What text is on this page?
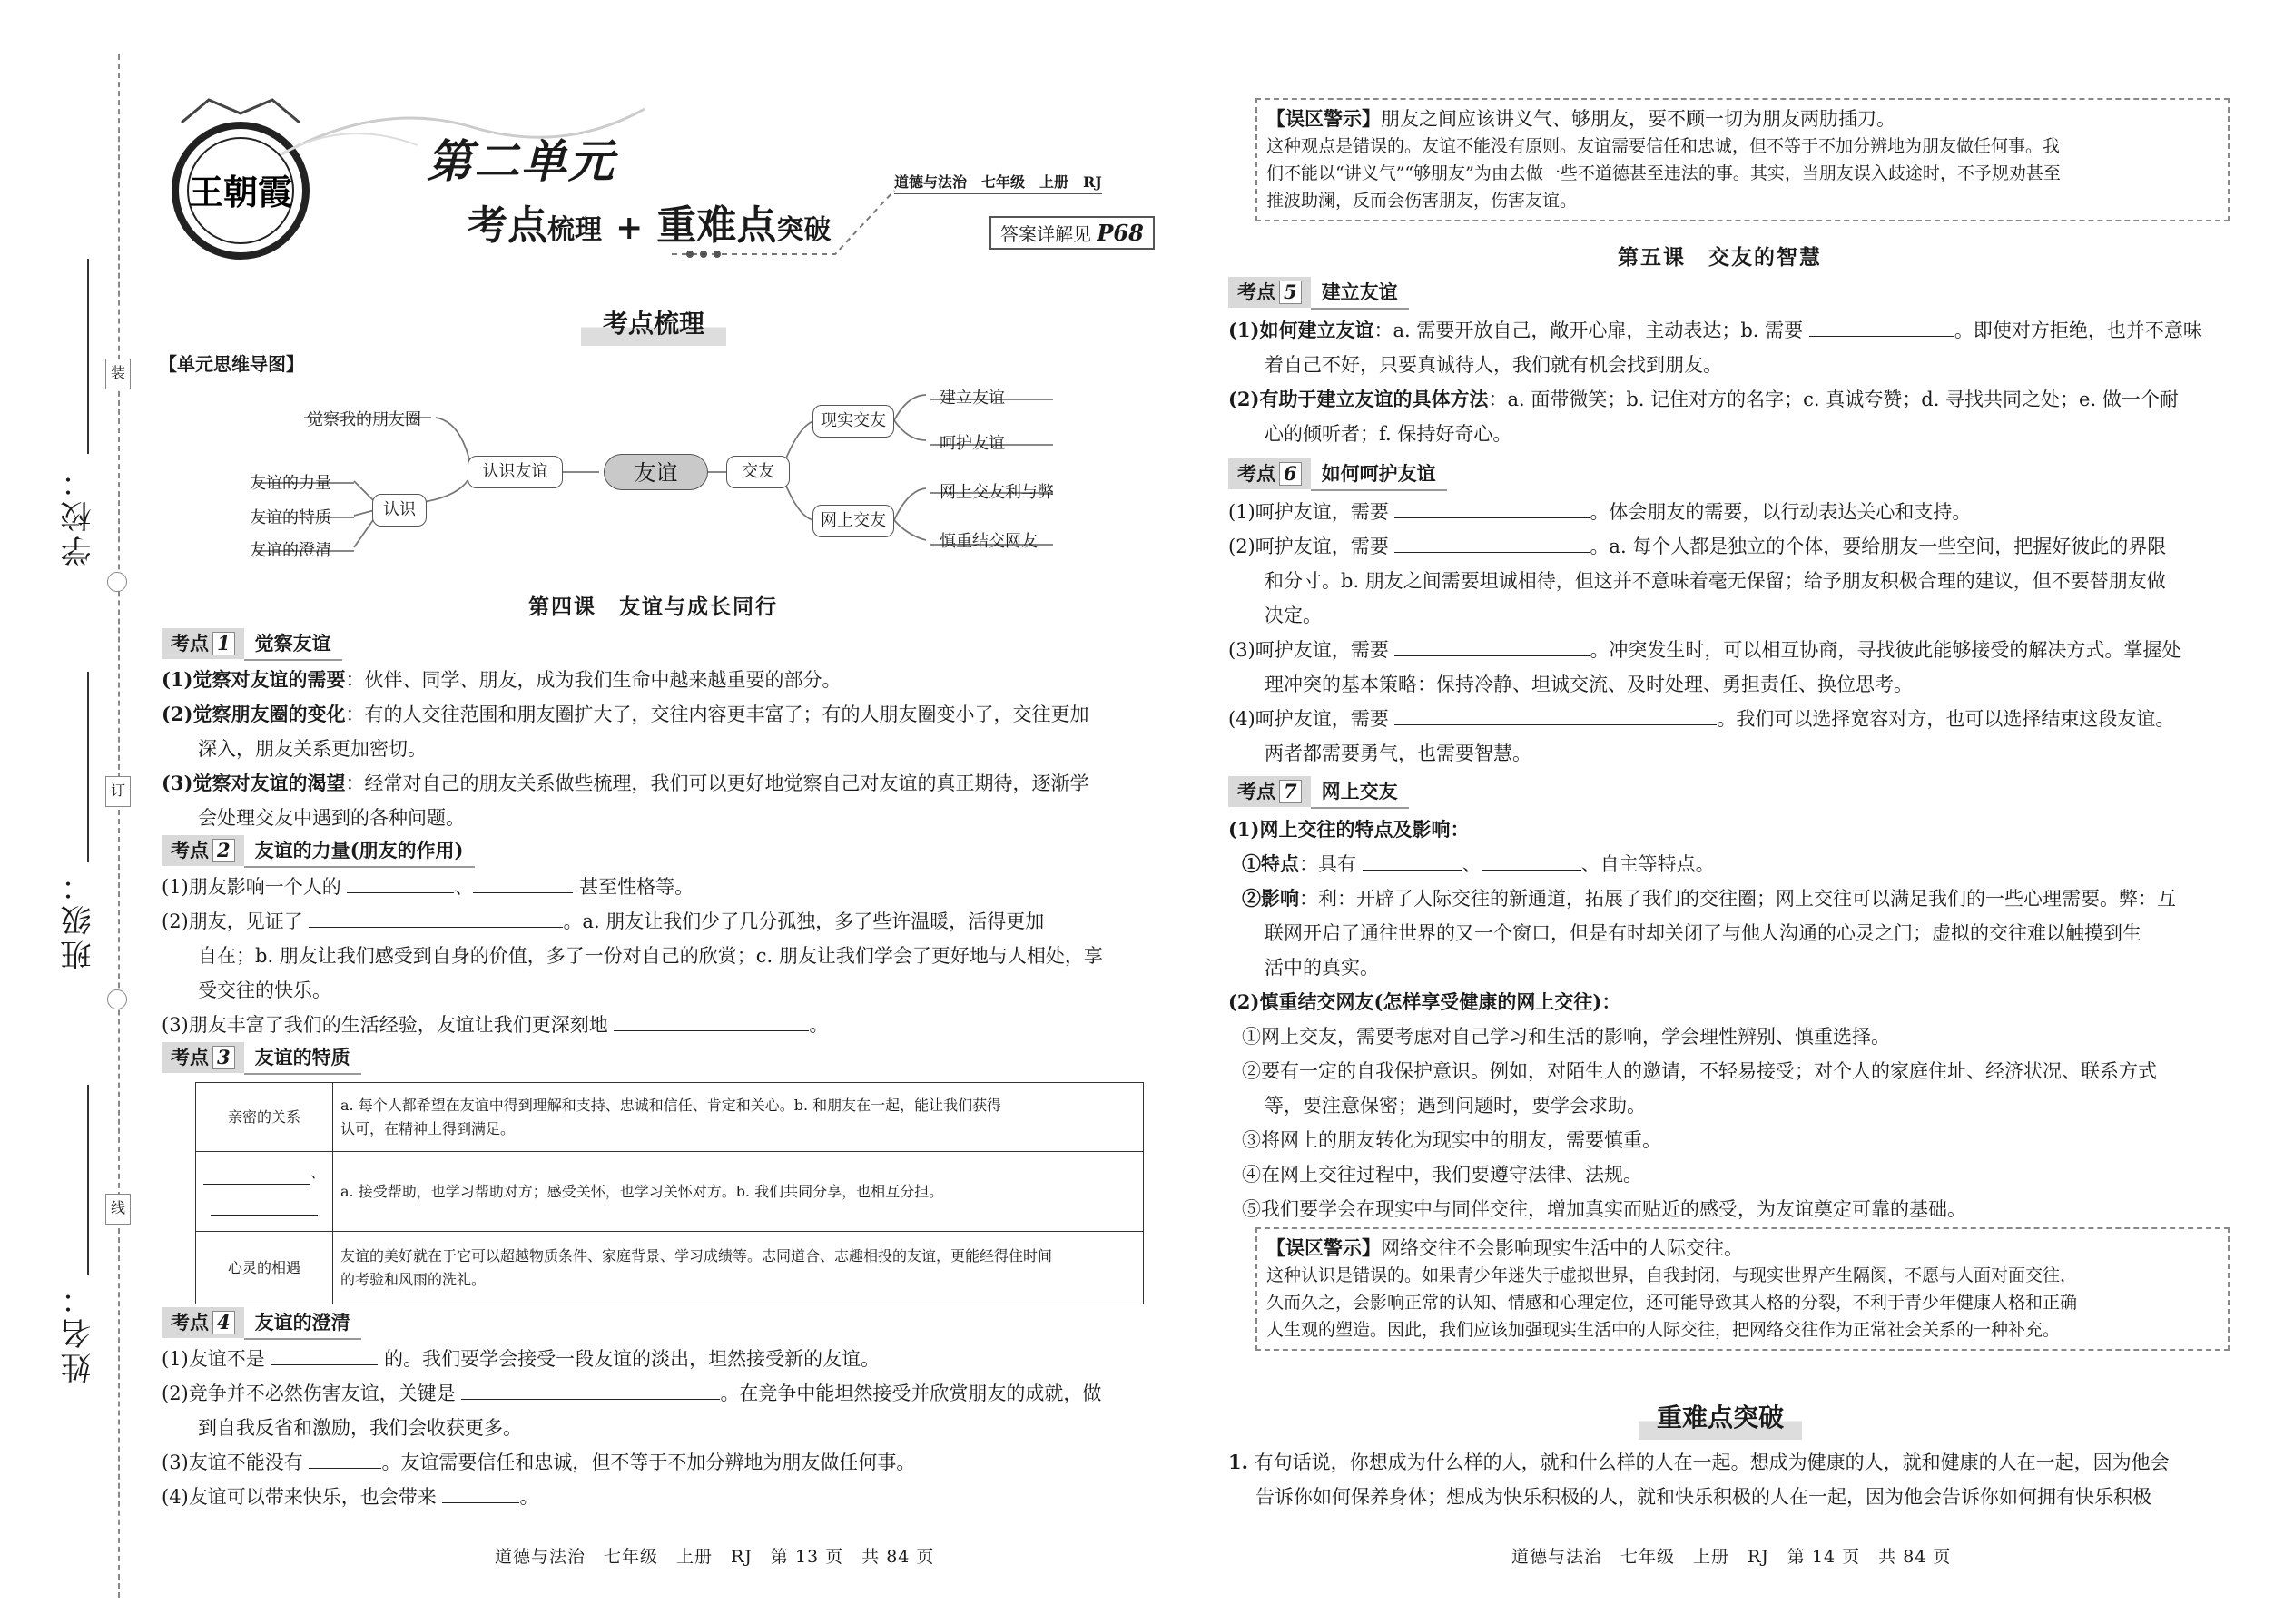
学校：
班级：
姓名：
装
订
线
王朝霞
第二单元
考点梳理 + 重难点突破
道德与法治　七年级　上册　RJ
答案详解见 P68
考点梳理
【单元思维导图】
友谊
认识友谊	交友
认识
现实交友
网上交友
觉察我的朋友圈
友谊的力量
友谊的特质
友谊的澄清
建立友谊
呵护友谊
网上交友利与弊
慎重结交网友
第四课　友谊与成长同行
考点 1 觉察友谊
(1)觉察对友谊的需要：伙伴、同学、朋友，成为我们生命中越来越重要的部分。
(2)觉察朋友圈的变化：有的人交往范围和朋友圈扩大了，交往内容更丰富了；有的人朋友圈变小了，交往更加
深入，朋友关系更加密切。
(3)觉察对友谊的渴望：经常对自己的朋友关系做些梳理，我们可以更好地觉察自己对友谊的真正期待，逐渐学
会处理交友中遇到的各种问题。
考点 2 友谊的力量(朋友的作用)
(1)朋友影响一个人的	、	甚至性格等。
(2)朋友，见证了	。a. 朋友让我们少了几分孤独，多了些许温暖，活得更加
自在；b. 朋友让我们感受到自身的价值，多了一份对自己的欣赏；c. 朋友让我们学会了更好地与人相处，享
受交往的快乐。
(3)朋友丰富了我们的生活经验，友谊让我们更深刻地	。
考点 3 友谊的特质
亲密的关系	a. 每个人都希望在友谊中得到理解和支持、忠诚和信任、肯定和关心。b. 和朋友在一起，能让我们获得
认可，在精神上得到满足。

、	a. 接受帮助，也学习帮助对方；感受关怀，也学习关怀对方。b. 我们共同分享，也相互分担。
心灵的相遇	友谊的美好就在于它可以超越物质条件、家庭背景、学习成绩等。志同道合、志趣相投的友谊，更能经得住时间
的考验和风雨的洗礼。
考点 4 友谊的澄清
(1)友谊不是	的。我们要学会接受一段友谊的淡出，坦然接受新的友谊。
(2)竞争并不必然伤害友谊，关键是	。在竞争中能坦然接受并欣赏朋友的成就，做
到自我反省和激励，我们会收获更多。
(3)友谊不能没有	。友谊需要信任和忠诚，但不等于不加分辨地为朋友做任何事。
(4)友谊可以带来快乐，也会带来	。
道德与法治　七年级　上册　RJ　第 13 页　共 84 页
【误区警示】朋友之间应该讲义气、够朋友，要不顾一切为朋友两肋插刀。
这种观点是错误的。友谊不能没有原则。友谊需要信任和忠诚，但不等于不加分辨地为朋友做任何事。我
们不能以“讲义气”“够朋友”为由去做一些不道德甚至违法的事。其实，当朋友误入歧途时，不予规劝甚至
推波助澜，反而会伤害朋友，伤害友谊。
第五课　交友的智慧
考点 5 建立友谊
(1)如何建立友谊：a. 需要开放自己，敞开心扉，主动表达；b. 需要	。即使对方拒绝，也并不意味
着自己不好，只要真诚待人，我们就有机会找到朋友。
(2)有助于建立友谊的具体方法：a. 面带微笑；b. 记住对方的名字；c. 真诚夸赞；d. 寻找共同之处；e. 做一个耐
心的倾听者；f. 保持好奇心。
考点 6 如何呵护友谊
(1)呵护友谊，需要	。体会朋友的需要，以行动表达关心和支持。
(2)呵护友谊，需要	。a. 每个人都是独立的个体，要给朋友一些空间，把握好彼此的界限
和分寸。b. 朋友之间需要坦诚相待，但这并不意味着毫无保留；给予朋友积极合理的建议，但不要替朋友做
决定。
(3)呵护友谊，需要	。冲突发生时，可以相互协商，寻找彼此能够接受的解决方式。掌握处
理冲突的基本策略：保持冷静、坦诚交流、及时处理、勇担责任、换位思考。
(4)呵护友谊，需要	。我们可以选择宽容对方，也可以选择结束这段友谊。
两者都需要勇气，也需要智慧。
考点 7 网上交友
(1)网上交往的特点及影响：
①特点：具有	、	、自主等特点。
②影响：利：开辟了人际交往的新通道，拓展了我们的交往圈；网上交往可以满足我们的一些心理需要。弊：互
联网开启了通往世界的又一个窗口，但是有时却关闭了与他人沟通的心灵之门；虚拟的交往难以触摸到生
活中的真实。
(2)慎重结交网友(怎样享受健康的网上交往)：
①网上交友，需要考虑对自己学习和生活的影响，学会理性辨别、慎重选择。
②要有一定的自我保护意识。例如，对陌生人的邀请，不轻易接受；对个人的家庭住址、经济状况、联系方式
等，要注意保密；遇到问题时，要学会求助。
③将网上的朋友转化为现实中的朋友，需要慎重。
④在网上交往过程中，我们要遵守法律、法规。
⑤我们要学会在现实中与同伴交往，增加真实而贴近的感受，为友谊奠定可靠的基础。
【误区警示】网络交往不会影响现实生活中的人际交往。
这种认识是错误的。如果青少年迷失于虚拟世界，自我封闭，与现实世界产生隔阂，不愿与人面对面交往，
久而久之，会影响正常的认知、情感和心理定位，还可能导致其人格的分裂，不利于青少年健康人格和正确
人生观的塑造。因此，我们应该加强现实生活中的人际交往，把网络交往作为正常社会关系的一种补充。
重难点突破
1. 有句话说，你想成为什么样的人，就和什么样的人在一起。想成为健康的人，就和健康的人在一起，因为他会
告诉你如何保养身体；想成为快乐积极的人，就和快乐积极的人在一起，因为他会告诉你如何拥有快乐积极
道德与法治　七年级　上册　RJ　第 14 页　共 84 页
